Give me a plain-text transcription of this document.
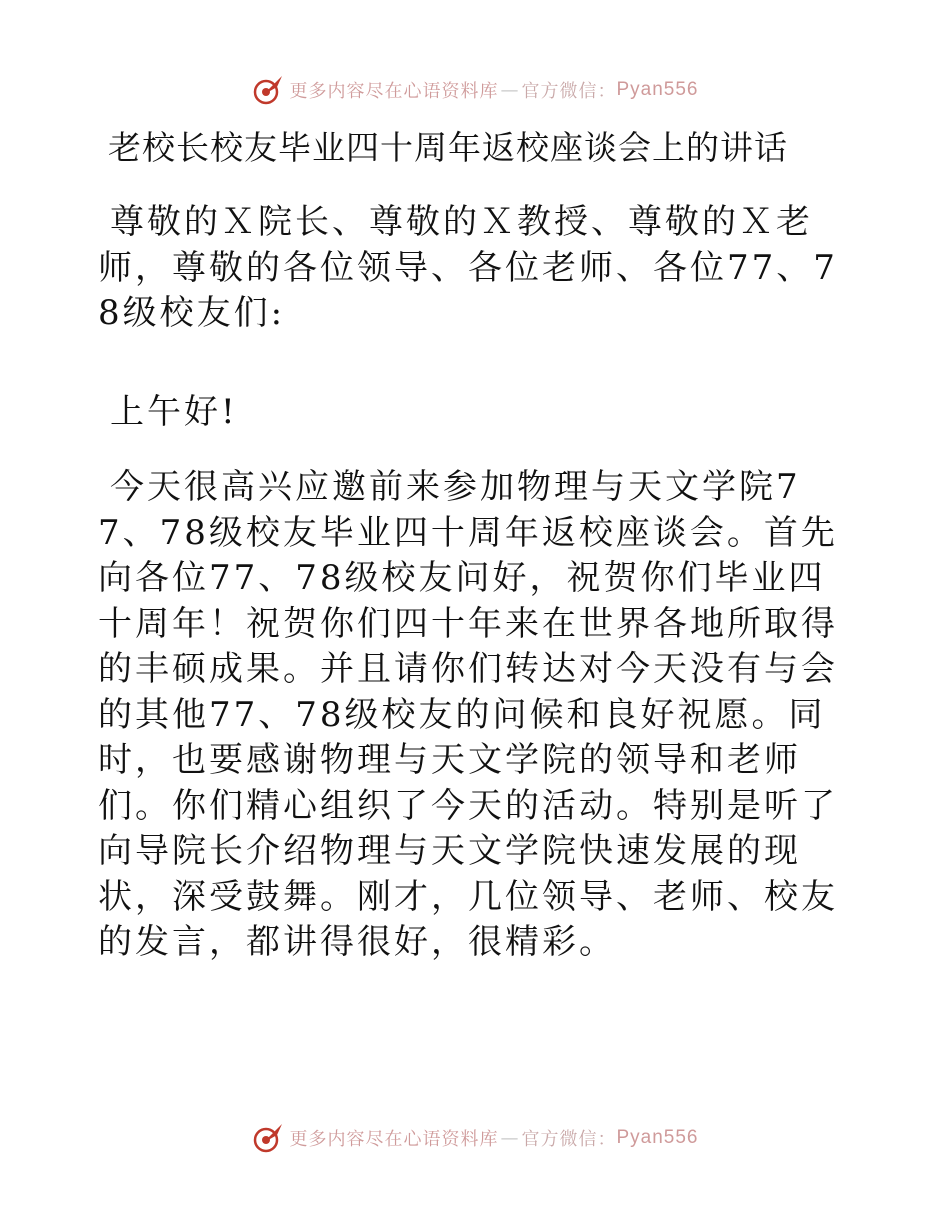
更多内容尽在心语资料库 — 官方微信： Pyan556
老校长校友毕业四十周年返校座谈会上的讲话
尊敬的Ｘ院长、尊敬的Ｘ教授、尊敬的Ｘ老师，尊敬的各位领导、各位老师、各位77、78级校友们:
上午好!
今天很高兴应邀前来参加物理与天文学院77、78级校友毕业四十周年返校座谈会。首先向各位77、78级校友问好，祝贺你们毕业四十周年！祝贺你们四十年来在世界各地所取得的丰硕成果。并且请你们转达对今天没有与会的其他77、78级校友的问候和良好祝愿。同时，也要感谢物理与天文学院的领导和老师们。你们精心组织了今天的活动。特别是听了向导院长介绍物理与天文学院快速发展的现状，深受鼓舞。刚才，几位领导、老师、校友的发言，都讲得很好，很精彩。
更多内容尽在心语资料库 — 官方微信： Pyan556
